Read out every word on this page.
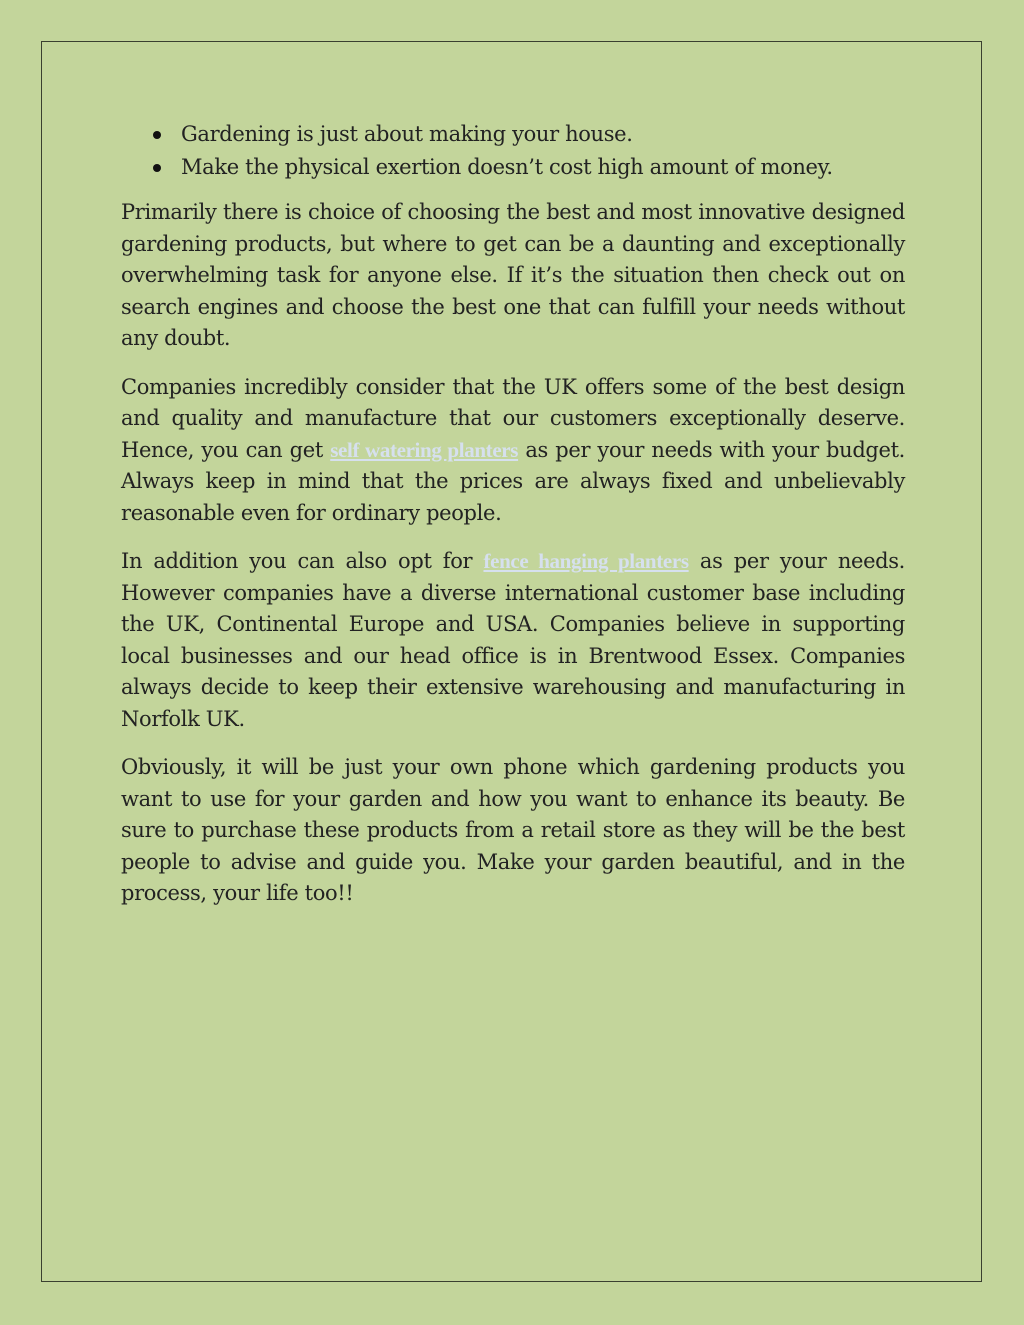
Gardening is just about making your house.
Make the physical exertion doesn’t cost high amount of money.

Primarily there is choice of choosing the best and most innovative designed gardening products, but where to get can be a daunting and exceptionally overwhelming task for anyone else. If it’s the situation then check out on search engines and choose the best one that can fulfill your needs without any doubt.

Companies incredibly consider that the UK offers some of the best design and quality and manufacture that our customers exceptionally deserve. Hence, you can get self watering planters as per your needs with your budget. Always keep in mind that the prices are always fixed and unbelievably reasonable even for ordinary people.

In addition you can also opt for fence hanging planters as per your needs. However companies have a diverse international customer base including the UK, Continental Europe and USA. Companies believe in supporting local businesses and our head office is in Brentwood Essex. Companies always decide to keep their extensive warehousing and manufacturing in Norfolk UK.

Obviously, it will be just your own phone which gardening products you want to use for your garden and how you want to enhance its beauty. Be sure to purchase these products from a retail store as they will be the best people to advise and guide you. Make your garden beautiful, and in the process, your life too!!
